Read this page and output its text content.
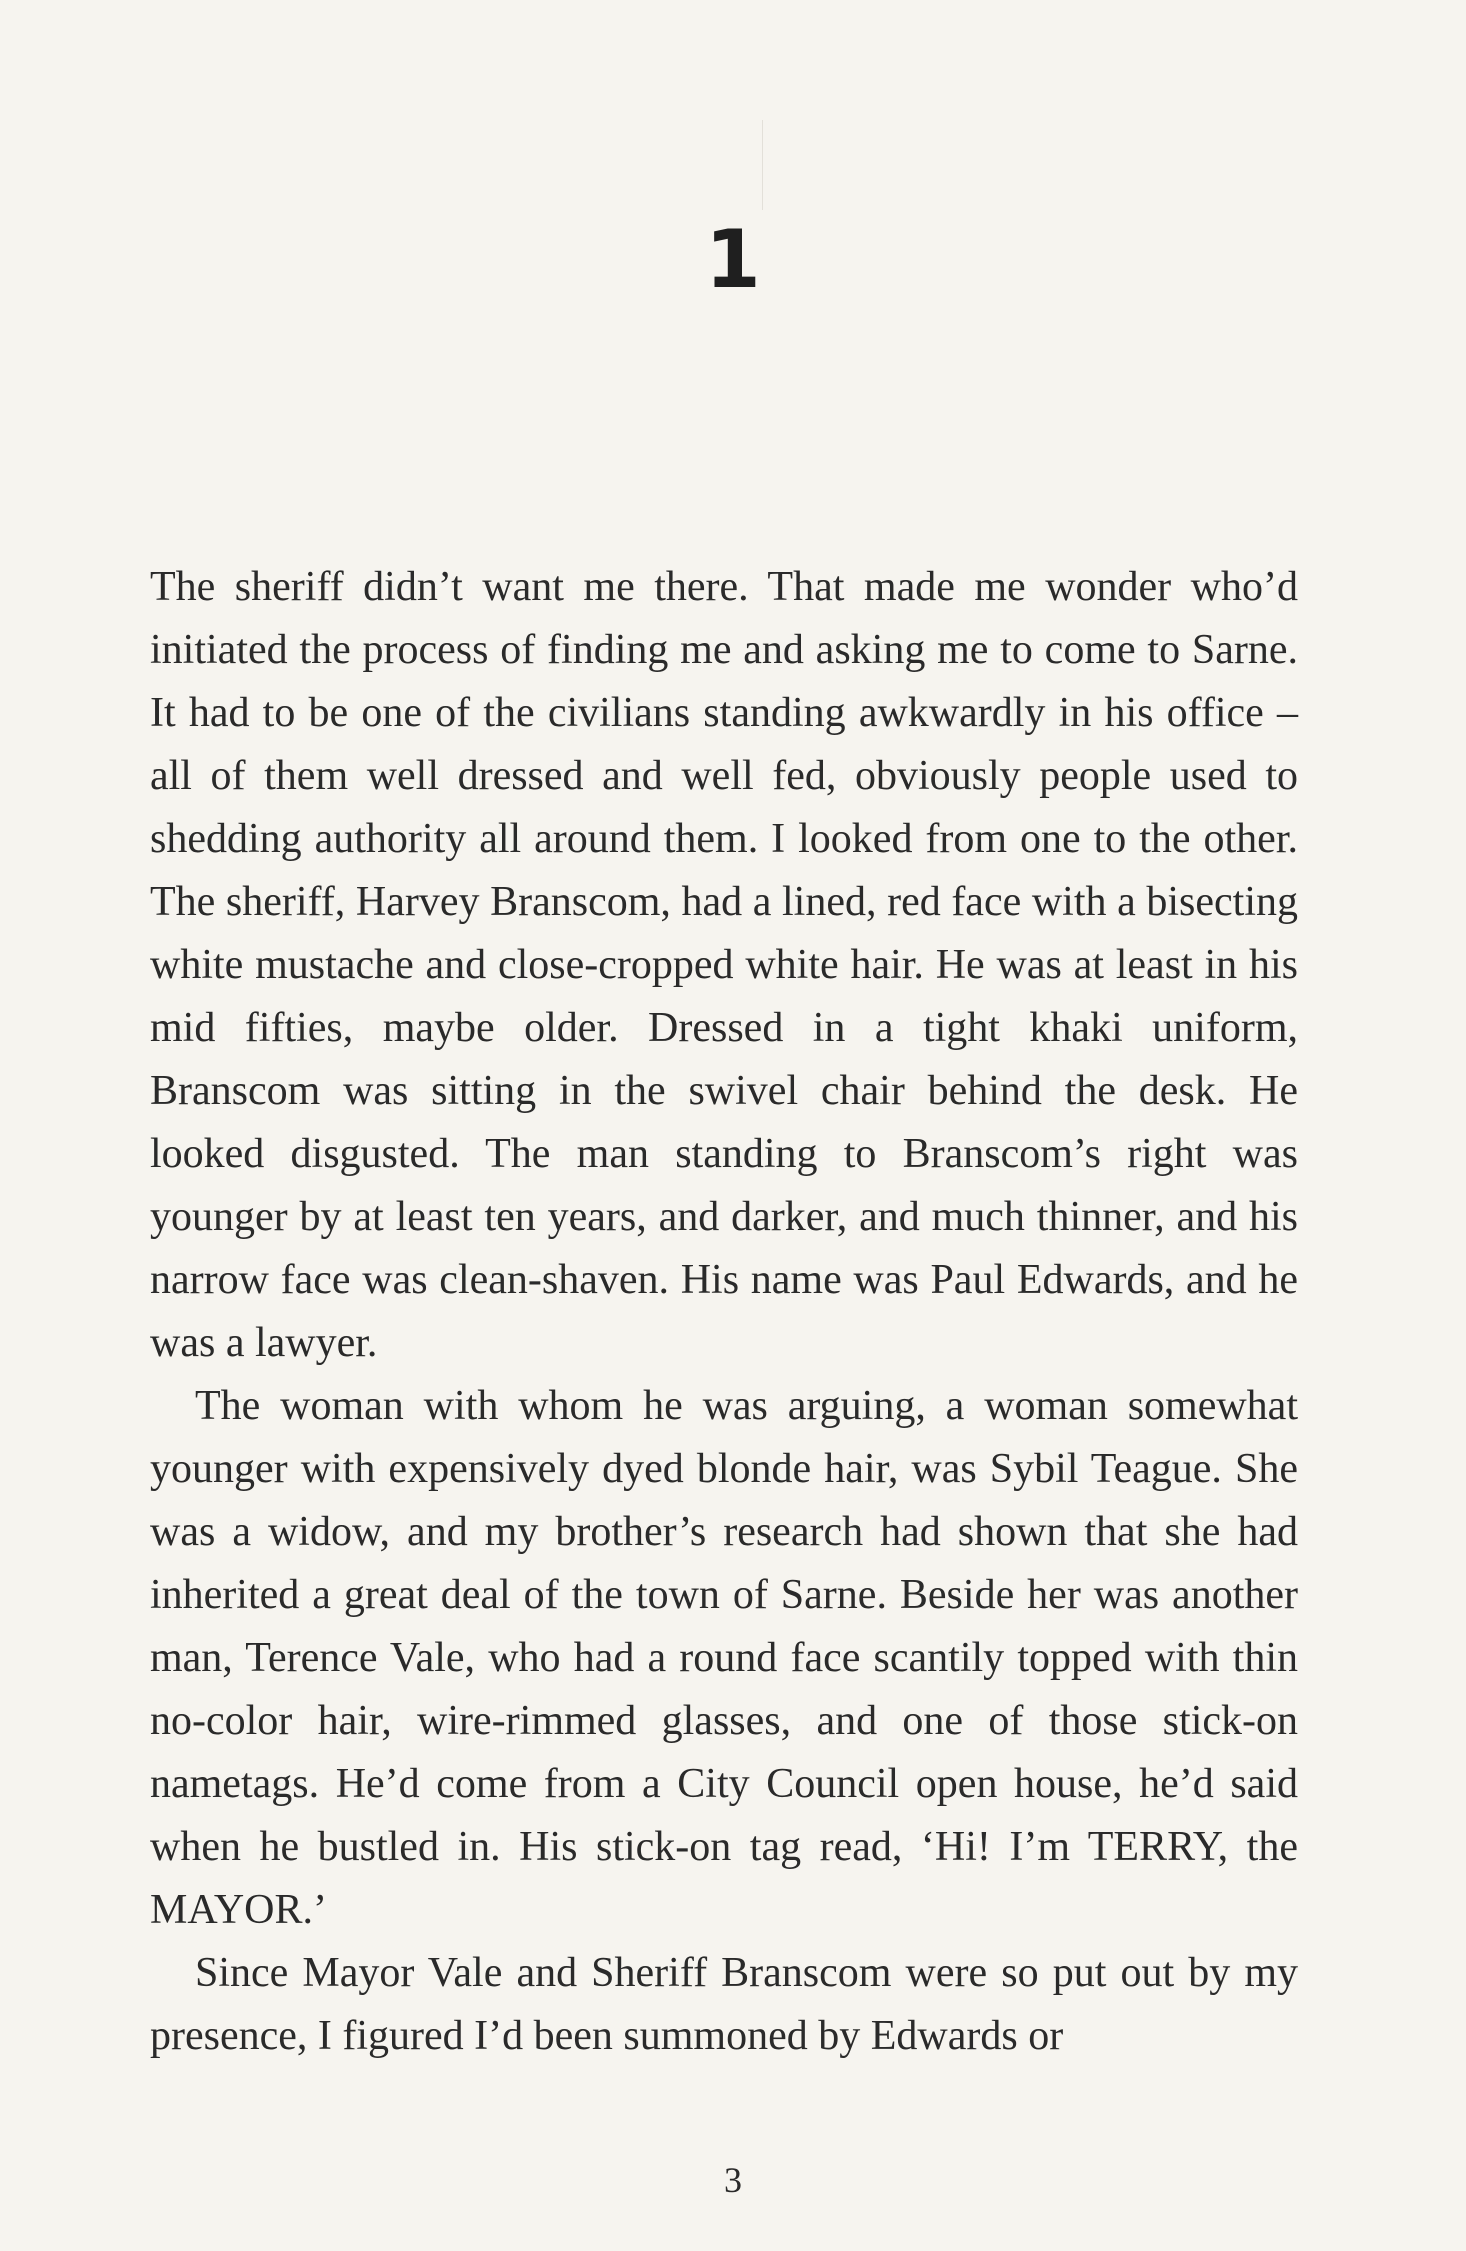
1

The sheriff didn’t want me there. That made me wonder who’d initiated the process of finding me and asking me to come to Sarne. It had to be one of the civilians standing awkwardly in his office – all of them well dressed and well fed, obviously people used to shedding authority all around them. I looked from one to the other. The sheriff, Harvey Branscom, had a lined, red face with a bisecting white mustache and close-cropped white hair. He was at least in his mid fifties, maybe older. Dressed in a tight khaki uniform, Branscom was sitting in the swivel chair behind the desk. He looked disgusted. The man standing to Branscom’s right was younger by at least ten years, and darker, and much thinner, and his narrow face was clean-shaven. His name was Paul Edwards, and he was a lawyer.

The woman with whom he was arguing, a woman somewhat younger with expensively dyed blonde hair, was Sybil Teague. She was a widow, and my brother’s research had shown that she had inherited a great deal of the town of Sarne. Beside her was another man, Terence Vale, who had a round face scantily topped with thin no-color hair, wire-rimmed glasses, and one of those stick-on nametags. He’d come from a City Council open house, he’d said when he bustled in. His stick-on tag read, ‘Hi! I’m TERRY, the MAYOR.’

Since Mayor Vale and Sheriff Branscom were so put out by my presence, I figured I’d been summoned by Edwards or

3
